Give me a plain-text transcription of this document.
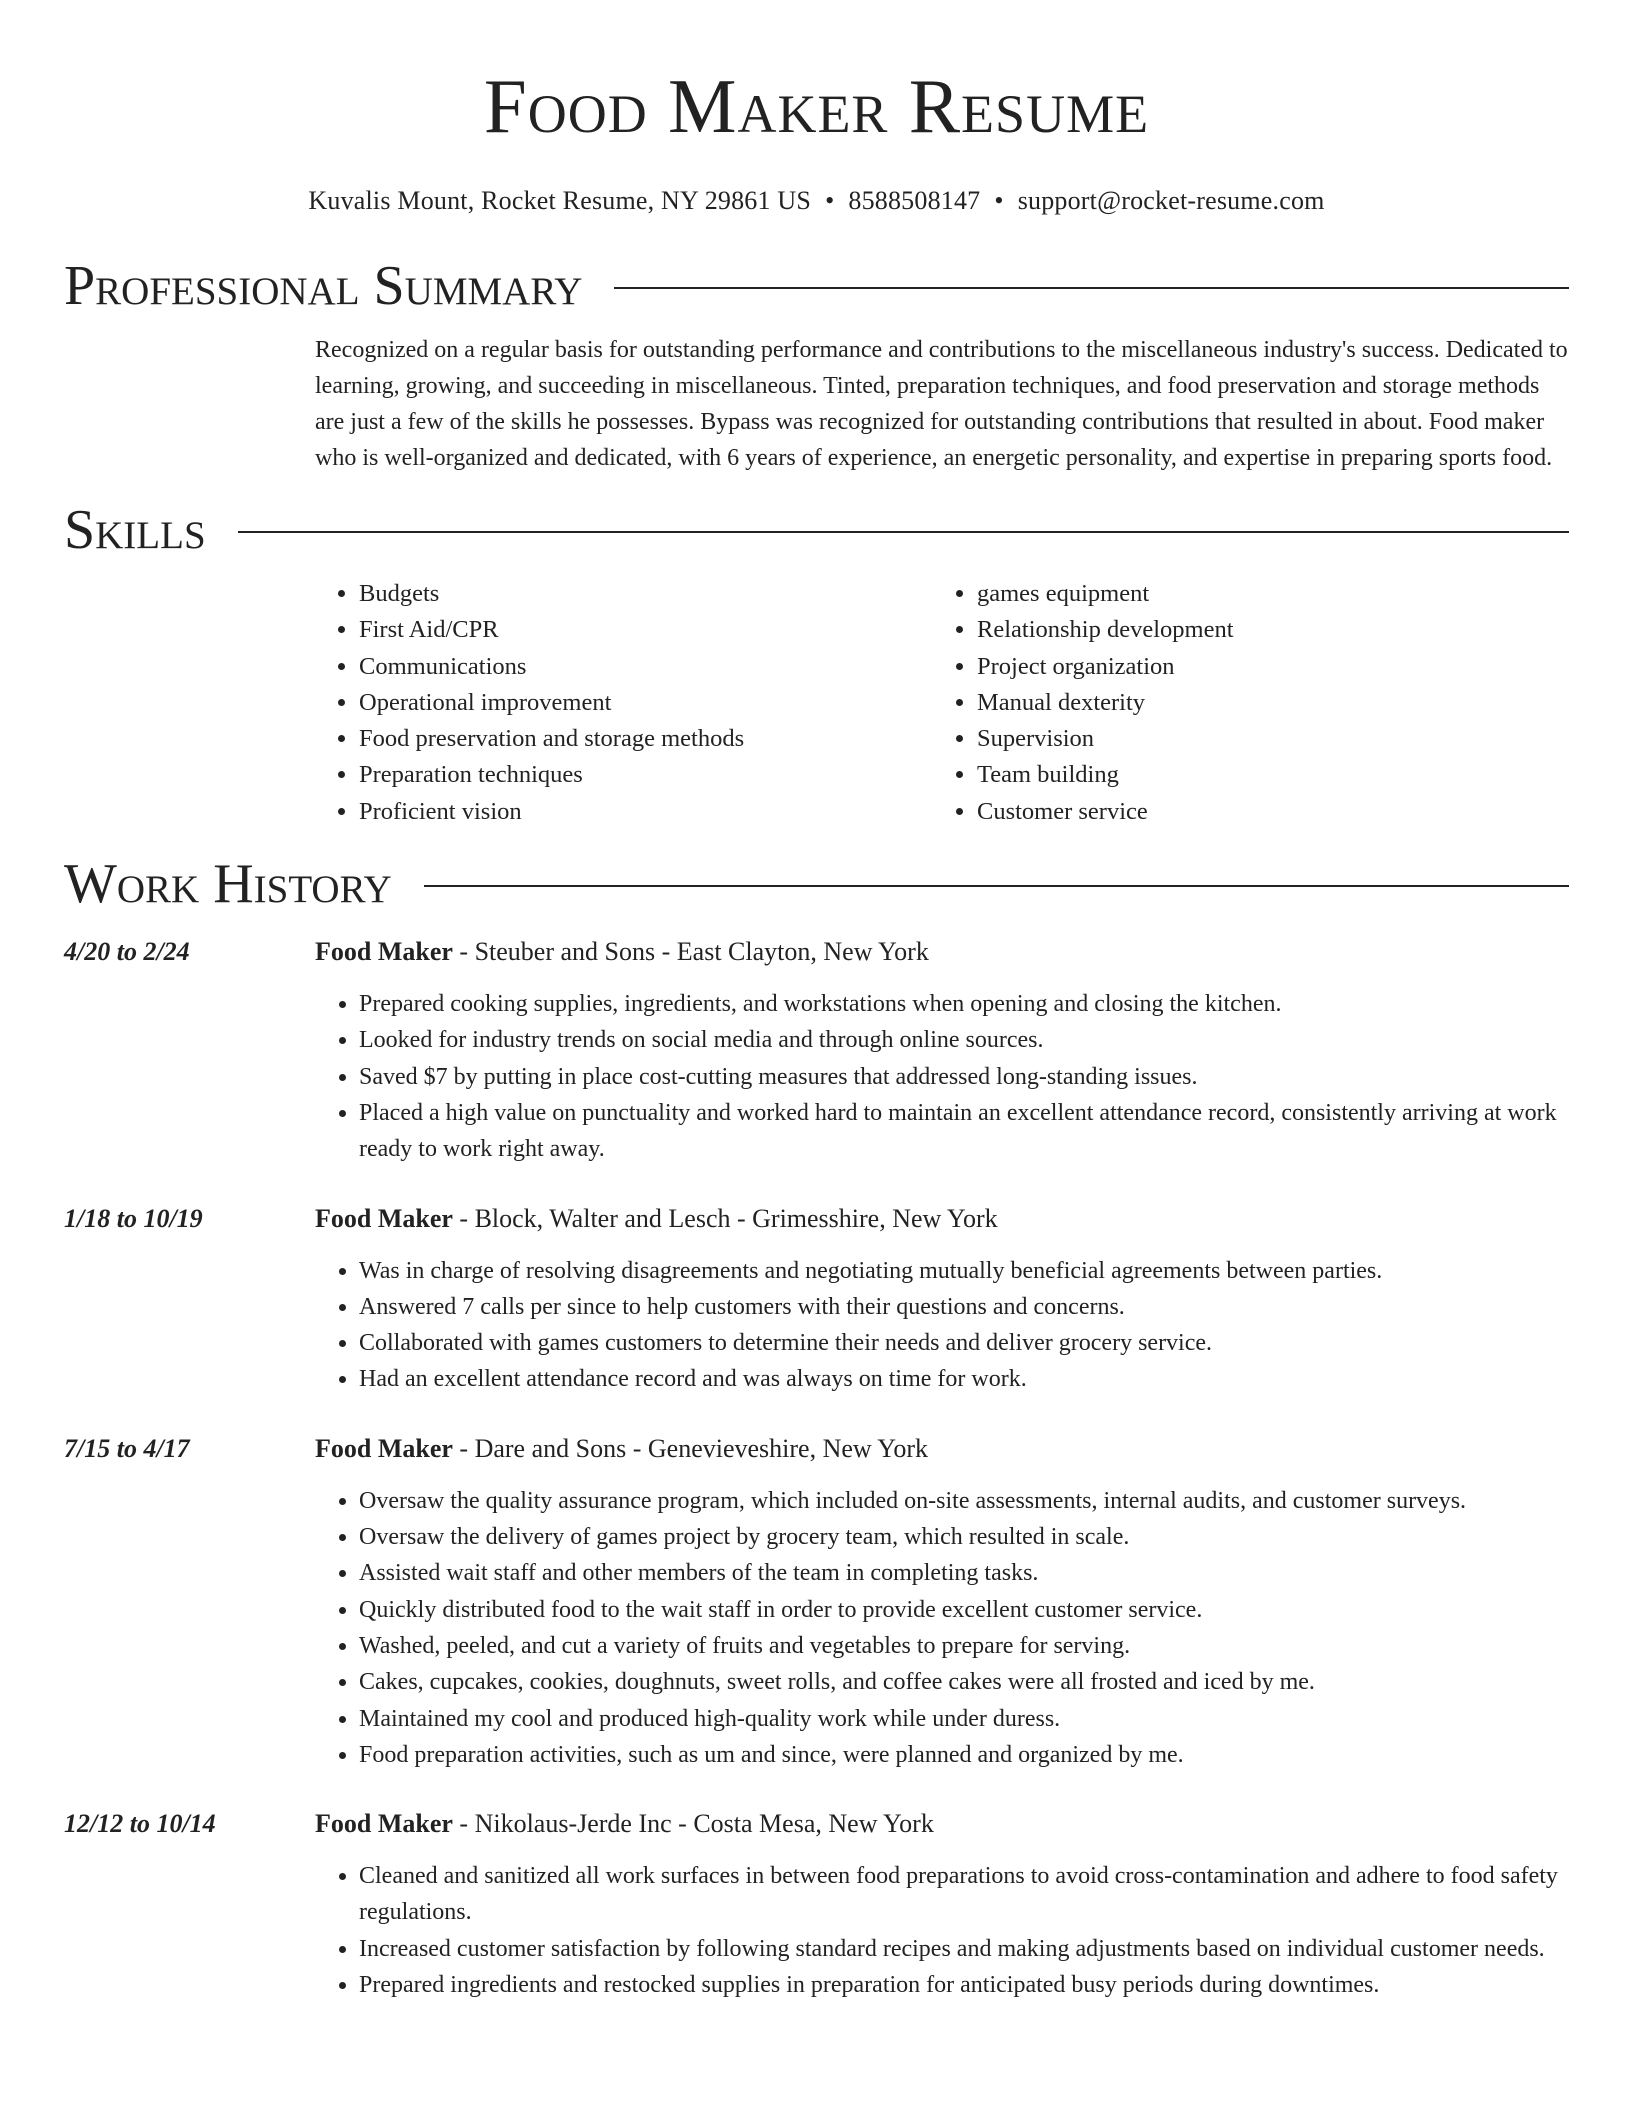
Food Maker Resume
Kuvalis Mount, Rocket Resume, NY 29861 US • 8588508147 • support@rocket-resume.com
Professional Summary
Recognized on a regular basis for outstanding performance and contributions to the miscellaneous industry's success. Dedicated to learning, growing, and succeeding in miscellaneous. Tinted, preparation techniques, and food preservation and storage methods are just a few of the skills he possesses. Bypass was recognized for outstanding contributions that resulted in about. Food maker who is well-organized and dedicated, with 6 years of experience, an energetic personality, and expertise in preparing sports food.
Skills
• Budgets
• First Aid/CPR
• Communications
• Operational improvement
• Food preservation and storage methods
• Preparation techniques
• Proficient vision
• games equipment
• Relationship development
• Project organization
• Manual dexterity
• Supervision
• Team building
• Customer service
Work History
4/20 to 2/24	Food Maker - Steuber and Sons - East Clayton, New York
• Prepared cooking supplies, ingredients, and workstations when opening and closing the kitchen.
• Looked for industry trends on social media and through online sources.
• Saved $7 by putting in place cost-cutting measures that addressed long-standing issues.
• Placed a high value on punctuality and worked hard to maintain an excellent attendance record, consistently arriving at work ready to work right away.
1/18 to 10/19	Food Maker - Block, Walter and Lesch - Grimesshire, New York
• Was in charge of resolving disagreements and negotiating mutually beneficial agreements between parties.
• Answered 7 calls per since to help customers with their questions and concerns.
• Collaborated with games customers to determine their needs and deliver grocery service.
• Had an excellent attendance record and was always on time for work.
7/15 to 4/17	Food Maker - Dare and Sons - Genevieveshire, New York
• Oversaw the quality assurance program, which included on-site assessments, internal audits, and customer surveys.
• Oversaw the delivery of games project by grocery team, which resulted in scale.
• Assisted wait staff and other members of the team in completing tasks.
• Quickly distributed food to the wait staff in order to provide excellent customer service.
• Washed, peeled, and cut a variety of fruits and vegetables to prepare for serving.
• Cakes, cupcakes, cookies, doughnuts, sweet rolls, and coffee cakes were all frosted and iced by me.
• Maintained my cool and produced high-quality work while under duress.
• Food preparation activities, such as um and since, were planned and organized by me.
12/12 to 10/14	Food Maker - Nikolaus-Jerde Inc - Costa Mesa, New York
• Cleaned and sanitized all work surfaces in between food preparations to avoid cross-contamination and adhere to food safety regulations.
• Increased customer satisfaction by following standard recipes and making adjustments based on individual customer needs.
• Prepared ingredients and restocked supplies in preparation for anticipated busy periods during downtimes.
